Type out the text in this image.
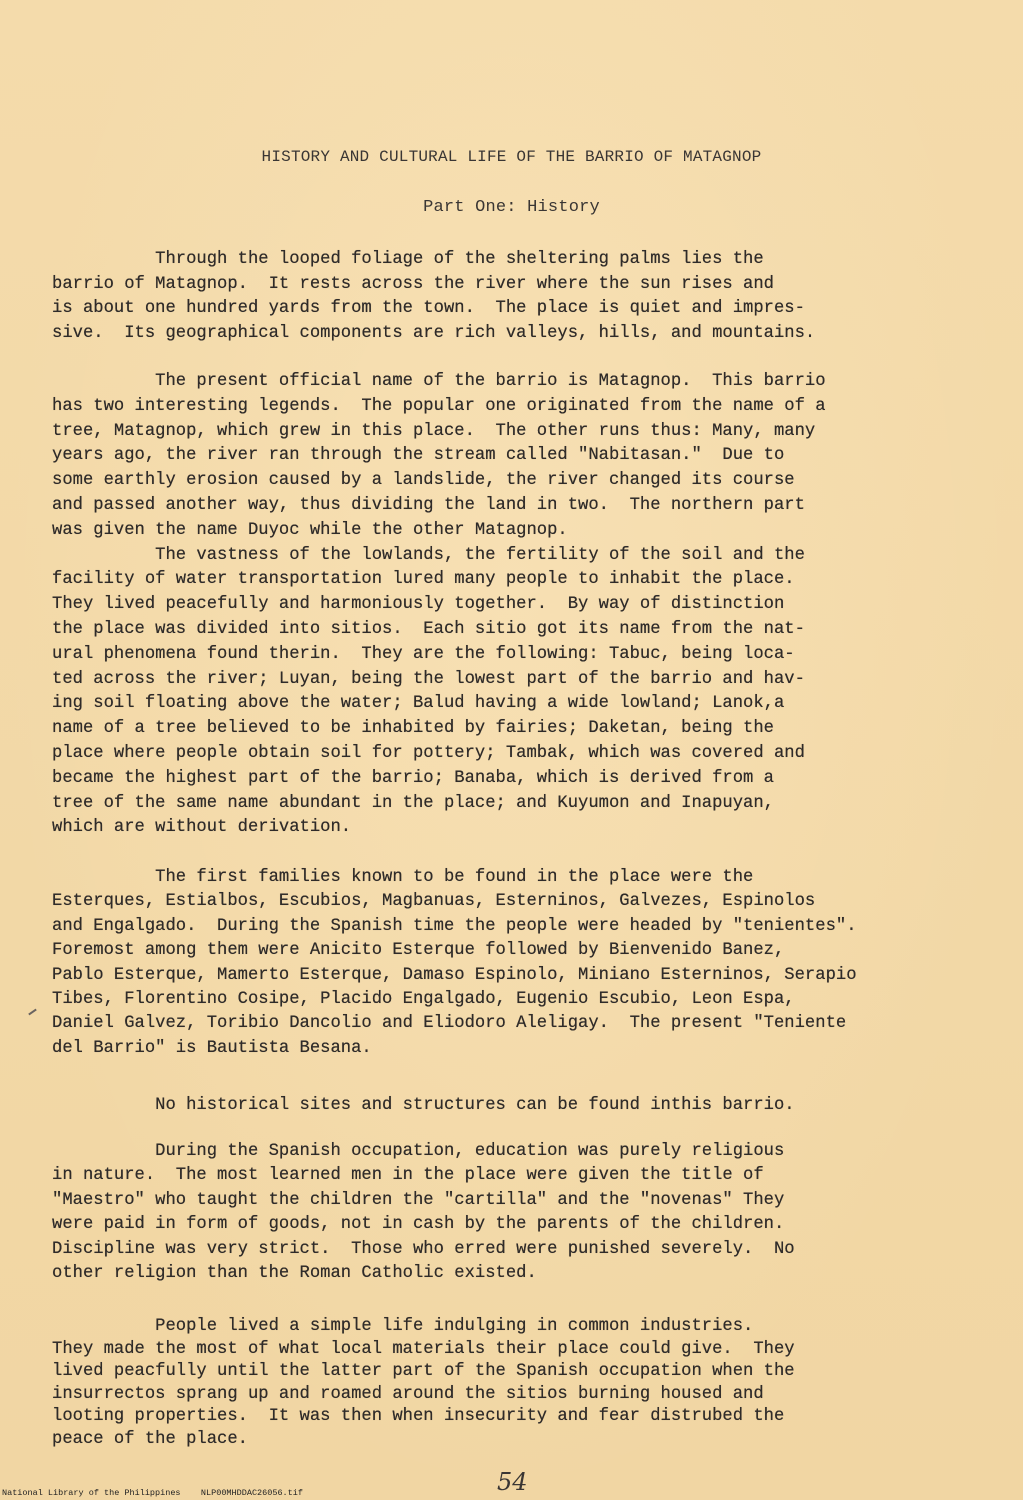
HISTORY AND CULTURAL LIFE OF THE BARRIO OF MATAGNOP
Part One: History
Through the looped foliage of the sheltering palms lies the
barrio of Matagnop.  It rests across the river where the sun rises and
is about one hundred yards from the town.  The place is quiet and impres-
sive.  Its geographical components are rich valleys, hills, and mountains.
The present official name of the barrio is Matagnop.  This barrio
has two interesting legends.  The popular one originated from the name of a
tree, Matagnop, which grew in this place.  The other runs thus: Many, many
years ago, the river ran through the stream called "Nabitasan."  Due to
some earthly erosion caused by a landslide, the river changed its course
and passed another way, thus dividing the land in two.  The northern part
was given the name Duyoc while the other Matagnop.
The vastness of the lowlands, the fertility of the soil and the
facility of water transportation lured many people to inhabit the place.
They lived peacefully and harmoniously together.  By way of distinction
the place was divided into sitios.  Each sitio got its name from the nat-
ural phenomena found therin.  They are the following: Tabuc, being loca-
ted across the river; Luyan, being the lowest part of the barrio and hav-
ing soil floating above the water; Balud having a wide lowland; Lanok,a
name of a tree believed to be inhabited by fairies; Daketan, being the
place where people obtain soil for pottery; Tambak, which was covered and
became the highest part of the barrio; Banaba, which is derived from a
tree of the same name abundant in the place; and Kuyumon and Inapuyan,
which are without derivation.
The first families known to be found in the place were the
Esterques, Estialbos, Escubios, Magbanuas, Esterninos, Galvezes, Espinolos
and Engalgado.  During the Spanish time the people were headed by "tenientes".
Foremost among them were Anicito Esterque followed by Bienvenido Banez,
Pablo Esterque, Mamerto Esterque, Damaso Espinolo, Miniano Esterninos, Serapio
Tibes, Florentino Cosipe, Placido Engalgado, Eugenio Escubio, Leon Espa,
Daniel Galvez, Toribio Dancolio and Eliodoro Aleligay.  The present "Teniente
del Barrio" is Bautista Besana.
No historical sites and structures can be found inthis barrio.
During the Spanish occupation, education was purely religious
in nature.  The most learned men in the place were given the title of
"Maestro" who taught the children the "cartilla" and the "novenas" They
were paid in form of goods, not in cash by the parents of the children.
Discipline was very strict.  Those who erred were punished severely.  No
other religion than the Roman Catholic existed.
People lived a simple life indulging in common industries.
They made the most of what local materials their place could give.  They
lived peacfully until the latter part of the Spanish occupation when the
insurrectos sprang up and roamed around the sitios burning housed and
looting properties.  It was then when insecurity and fear distrubed the
peace of the place.
54
National Library of the Philippines    NLP00MHDDAC26056.tif
